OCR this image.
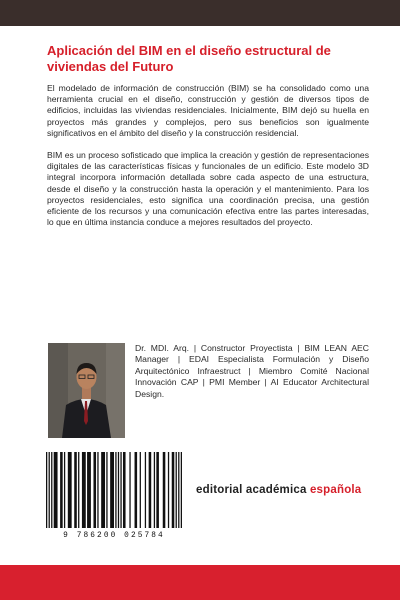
Aplicación del BIM en el diseño estructural de viviendas del Futuro

El modelado de información de construcción (BIM) se ha consolidado como una herramienta crucial en el diseño, construcción y gestión de diversos tipos de edificios, incluidas las viviendas residenciales. Inicialmente, BIM dejó su huella en proyectos más grandes y complejos, pero sus beneficios son igualmente significativos en el ámbito del diseño y la construcción residencial.

BIM es un proceso sofisticado que implica la creación y gestión de representaciones digitales de las características físicas y funcionales de un edificio. Este modelo 3D integral incorpora información detallada sobre cada aspecto de una estructura, desde el diseño y la construcción hasta la operación y el mantenimiento. Para los proyectos residenciales, esto significa una coordinación precisa, una gestión eficiente de los recursos y una comunicación efectiva entre las partes interesadas, lo que en última instancia conduce a mejores resultados del proyecto.

Dr. MDI. Arq. | Constructor Proyectista | BIM LEAN AEC Manager | EDAI Especialista Formulación y Diseño Arquitectónico Infraestruct | Miembro Comité Nacional Innovación CAP | PMI Member | AI Educator Architectural Design.

9 786200 025784

editorial académica española
